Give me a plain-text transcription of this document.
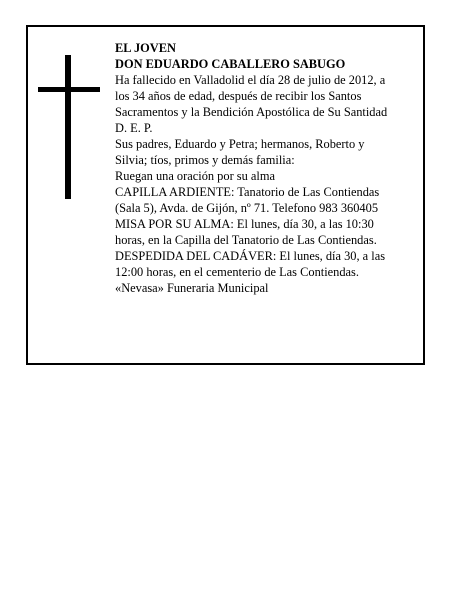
EL JOVEN
DON EDUARDO CABALLERO SABUGO
Ha fallecido en Valladolid el día 28 de julio de 2012, a
los 34 años de edad, después de recibir los Santos
Sacramentos y la Bendición Apostólica de Su Santidad
D. E. P.
Sus padres, Eduardo y Petra; hermanos, Roberto y
Silvia; tíos, primos y demás familia:
Ruegan una oración por su alma
CAPILLA ARDIENTE: Tanatorio de Las Contiendas
(Sala 5), Avda. de Gijón, nº 71. Telefono 983 360405
MISA POR SU ALMA: El lunes, día 30, a las 10:30
horas, en la Capilla del Tanatorio de Las Contiendas.
DESPEDIDA DEL CADÁVER: El lunes, día 30, a las
12:00 horas, en el cementerio de Las Contiendas.
«Nevasa» Funeraria Municipal
